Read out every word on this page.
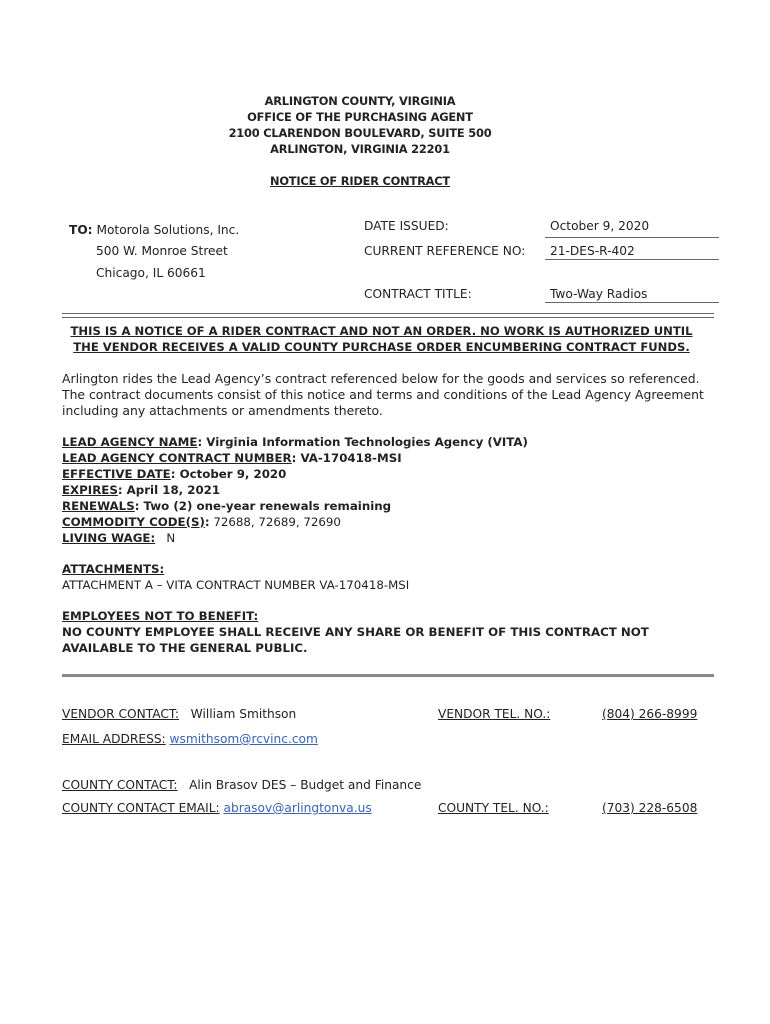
ARLINGTON COUNTY, VIRGINIA
OFFICE OF THE PURCHASING AGENT
2100 CLARENDON BOULEVARD, SUITE 500
ARLINGTON, VIRGINIA 22201
NOTICE OF RIDER CONTRACT
TO: Motorola Solutions, Inc.
500 W. Monroe Street
Chicago, IL 60661
DATE ISSUED:	October 9, 2020
CURRENT REFERENCE NO: 21-DES-R-402
CONTRACT TITLE:	Two-Way Radios
THIS IS A NOTICE OF A RIDER CONTRACT AND NOT AN ORDER. NO WORK IS AUTHORIZED UNTIL THE VENDOR RECEIVES A VALID COUNTY PURCHASE ORDER ENCUMBERING CONTRACT FUNDS.
Arlington rides the Lead Agency’s contract referenced below for the goods and services so referenced. The contract documents consist of this notice and terms and conditions of the Lead Agency Agreement including any attachments or amendments thereto.
LEAD AGENCY NAME: Virginia Information Technologies Agency (VITA)
LEAD AGENCY CONTRACT NUMBER: VA-170418-MSI
EFFECTIVE DATE: October 9, 2020
EXPIRES: April 18, 2021
RENEWALS: Two (2) one-year renewals remaining
COMMODITY CODE(S): 72688, 72689, 72690
LIVING WAGE: N
ATTACHMENTS:
ATTACHMENT A – VITA CONTRACT NUMBER VA-170418-MSI
EMPLOYEES NOT TO BENEFIT:
NO COUNTY EMPLOYEE SHALL RECEIVE ANY SHARE OR BENEFIT OF THIS CONTRACT NOT AVAILABLE TO THE GENERAL PUBLIC.
VENDOR CONTACT: William Smithson	VENDOR TEL. NO.:	(804) 266-8999
EMAIL ADDRESS: wsmithsom@rcvinc.com
COUNTY CONTACT: Alin Brasov DES – Budget and Finance
COUNTY CONTACT EMAIL: abrasov@arlingtonva.us	COUNTY TEL. NO.:	(703) 228-6508
